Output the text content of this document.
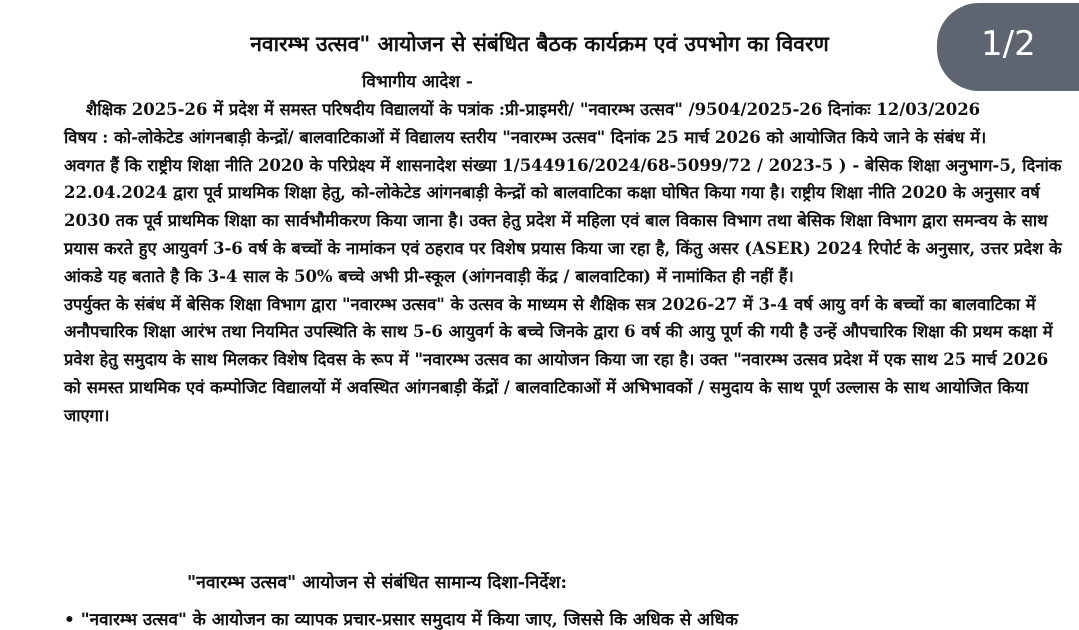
नवारम्भ उत्सव" आयोजन से संबंधित बैठक कार्यक्रम एवं उपभोग का विवरण
विभागीय आदेश -

शैक्षिक 2025-26 में प्रदेश में समस्त परिषदीय विद्यालयों के पत्रांक :प्री-प्राइमरी/ "नवारम्भ उत्सव" /9504/2025-26 दिनांकः 12/03/2026

विषय : को-लोकेटेड आंगनबाड़ी केन्द्रों/ बालवाटिकाओं में विद्यालय स्तरीय "नवारम्भ उत्सव" दिनांक 25 मार्च 2026 को आयोजित किये जाने के संबंध में।

अवगत हैं कि राष्ट्रीय शिक्षा नीति 2020 के परिप्रेक्ष्य में शासनादेश संख्या 1/544916/2024/68-5099/72 / 2023-5 ) - बेसिक शिक्षा अनुभाग-5, दिनांक 22.04.2024 द्वारा पूर्व प्राथमिक शिक्षा हेतु, को-लोकेटेड आंगनबाड़ी केन्द्रों को बालवाटिका कक्षा घोषित किया गया है। राष्ट्रीय शिक्षा नीति 2020 के अनुसार वर्ष 2030 तक पूर्व प्राथमिक शिक्षा का सार्वभौमीकरण किया जाना है। उक्त हेतु प्रदेश में महिला एवं बाल विकास विभाग तथा बेसिक शिक्षा विभाग द्वारा समन्वय के साथ प्रयास करते हुए आयुवर्ग 3-6 वर्ष के बच्चों के नामांकन एवं ठहराव पर विशेष प्रयास किया जा रहा है, किंतु असर (ASER) 2024 रिपोर्ट के अनुसार, उत्तर प्रदेश के आंकडे यह बताते है कि 3-4 साल के 50% बच्चे अभी प्री-स्कूल (आंगनवाड़ी केंद्र / बालवाटिका) में नामांकित ही नहीं हैं।

उपर्युक्त के संबंध में बेसिक शिक्षा विभाग द्वारा "नवारम्भ उत्सव" के उत्सव के माध्यम से शैक्षिक सत्र 2026-27 में 3-4 वर्ष आयु वर्ग के बच्चों का बालवाटिका में अनौपचारिक शिक्षा आरंभ तथा नियमित उपस्थिति के साथ 5-6 आयुवर्ग के बच्चे जिनके द्वारा 6 वर्ष की आयु पूर्ण की गयी है उन्हें औपचारिक शिक्षा की प्रथम कक्षा में प्रवेश हेतु समुदाय के साथ मिलकर विशेष दिवस के रूप में "नवारम्भ उत्सव का आयोजन किया जा रहा है। उक्त "नवारम्भ उत्सव प्रदेश में एक साथ 25 मार्च 2026 को समस्त प्राथमिक एवं कम्पोजिट विद्यालयों में अवस्थित आंगनबाड़ी केंद्रों / बालवाटिकाओं में अभिभावकों / समुदाय के साथ पूर्ण उल्लास के साथ आयोजित किया जाएगा।

"नवारम्भ उत्सव" आयोजन से संबंधित सामान्य दिशा-निर्देश:
• "नवारम्भ उत्सव" के आयोजन का व्यापक प्रचार-प्रसार समुदाय में किया जाए, जिससे कि अधिक से अधिक
1/2
